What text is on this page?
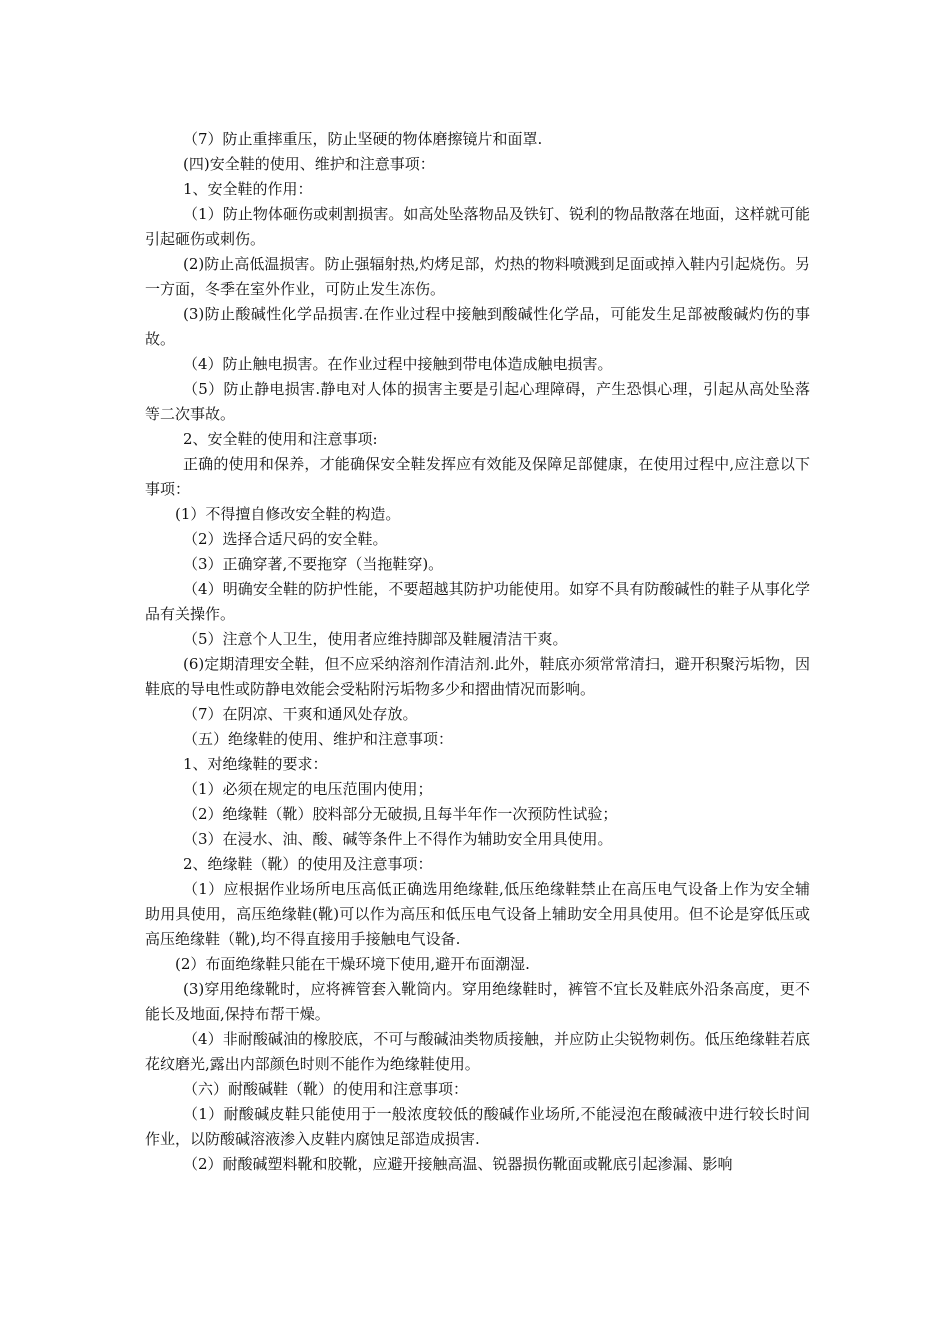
（7）防止重摔重压，防止坚硬的物体磨擦镜片和面罩.

(四)安全鞋的使用、维护和注意事项：

1、安全鞋的作用：

（1）防止物体砸伤或刺割损害。如高处坠落物品及铁钉、锐利的物品散落在地面，这样就可能引起砸伤或刺伤。

(2)防止高低温损害。防止强辐射热,灼烤足部，灼热的物料喷溅到足面或掉入鞋内引起烧伤。另一方面，冬季在室外作业，可防止发生冻伤。

(3)防止酸碱性化学品损害.在作业过程中接触到酸碱性化学品，可能发生足部被酸碱灼伤的事故。

（4）防止触电损害。在作业过程中接触到带电体造成触电损害。

（5）防止静电损害.静电对人体的损害主要是引起心理障碍，产生恐惧心理，引起从高处坠落等二次事故。

2、安全鞋的使用和注意事项:

正确的使用和保养，才能确保安全鞋发挥应有效能及保障足部健康，在使用过程中,应注意以下事项：

(1）不得擅自修改安全鞋的构造。

（2）选择合适尺码的安全鞋。

（3）正确穿著,不要拖穿（当拖鞋穿)。

（4）明确安全鞋的防护性能，不要超越其防护功能使用。如穿不具有防酸碱性的鞋子从事化学品有关操作。

（5）注意个人卫生，使用者应维持脚部及鞋履清洁干爽。

(6)定期清理安全鞋，但不应采纳溶剂作清洁剂.此外，鞋底亦须常常清扫，避开积聚污垢物，因鞋底的导电性或防静电效能会受粘附污垢物多少和摺曲情况而影响。

（7）在阴凉、干爽和通风处存放。

（五）绝缘鞋的使用、维护和注意事项：

1、对绝缘鞋的要求：

（1）必须在规定的电压范围内使用；

（2）绝缘鞋（靴）胶料部分无破损,且每半年作一次预防性试验；

（3）在浸水、油、酸、碱等条件上不得作为辅助安全用具使用。

2、绝缘鞋（靴）的使用及注意事项：

（1）应根据作业场所电压高低正确选用绝缘鞋,低压绝缘鞋禁止在高压电气设备上作为安全辅助用具使用，高压绝缘鞋(靴)可以作为高压和低压电气设备上辅助安全用具使用。但不论是穿低压或高压绝缘鞋（靴),均不得直接用手接触电气设备.

(2）布面绝缘鞋只能在干燥环境下使用,避开布面潮湿.

(3)穿用绝缘靴时，应将裤管套入靴筒内。穿用绝缘鞋时，裤管不宜长及鞋底外沿条高度，更不能长及地面,保持布帮干燥。

（4）非耐酸碱油的橡胶底，不可与酸碱油类物质接触，并应防止尖锐物刺伤。低压绝缘鞋若底花纹磨光,露出内部颜色时则不能作为绝缘鞋使用。

（六）耐酸碱鞋（靴）的使用和注意事项：

（1）耐酸碱皮鞋只能使用于一般浓度较低的酸碱作业场所,不能浸泡在酸碱液中进行较长时间作业，以防酸碱溶液渗入皮鞋内腐蚀足部造成损害.

（2）耐酸碱塑料靴和胶靴，应避开接触高温、锐器损伤靴面或靴底引起渗漏、影响
